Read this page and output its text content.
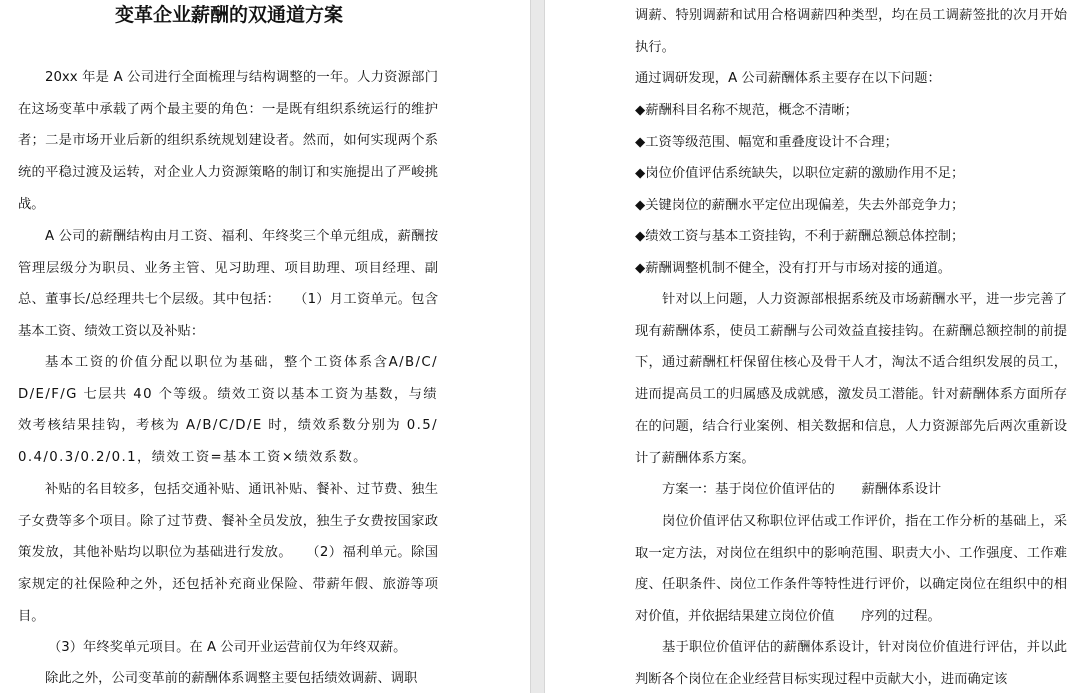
变革企业薪酬的双通道方案
20xx 年是 A 公司进行全面梳理与结构调整的一年。人力资源部门在这场变革中承载了两个最主要的角色：一是既有组织系统运行的维护者；二是市场开业后新的组织系统规划建设者。然而，如何实现两个系统的平稳过渡及运转，对企业人力资源策略的制订和实施提出了严峻挑战。
A 公司的薪酬结构由月工资、福利、年终奖三个单元组成，薪酬按管理层级分为职员、业务主管、见习助理、项目助理、项目经理、副总、董事长/总经理共七个层级。其中包括：　　（1）月工资单元。包含基本工资、绩效工资以及补贴：
基本工资的价值分配以职位为基础，整个工资体系含A/B/C/D/E/F/G 七层共 40 个等级。绩效工资以基本工资为基数，与绩效考核结果挂钩，考核为 A/B/C/D/E 时，绩效系数分别为 0.5/0.4/0.3/0.2/0.1，绩效工资=基本工资×绩效系数。
补贴的名目较多，包括交通补贴、通讯补贴、餐补、过节费、独生子女费等多个项目。除了过节费、餐补全员发放，独生子女费按国家政策发放，其他补贴均以职位为基础进行发放。　　（2）福利单元。除国家规定的社保险种之外，还包括补充商业保险、带薪年假、旅游等项目。
（3）年终奖单元项目。在 A 公司开业运营前仅为年终双薪。
除此之外，公司变革前的薪酬体系调整主要包括绩效调薪、调职
调薪、特别调薪和试用合格调薪四种类型，均在员工调薪签批的次月开始执行。
通过调研发现，A 公司薪酬体系主要存在以下问题：
◆薪酬科目名称不规范，概念不清晰；
◆工资等级范围、幅宽和重叠度设计不合理；
◆岗位价值评估系统缺失，以职位定薪的激励作用不足；
◆关键岗位的薪酬水平定位出现偏差，失去外部竞争力；
◆绩效工资与基本工资挂钩，不利于薪酬总额总体控制；
◆薪酬调整机制不健全，没有打开与市场对接的通道。
针对以上问题，人力资源部根据系统及市场薪酬水平，进一步完善了现有薪酬体系，使员工薪酬与公司效益直接挂钩。在薪酬总额控制的前提下，通过薪酬杠杆保留住核心及骨干人才，淘汰不适合组织发展的员工，进而提高员工的归属感及成就感，激发员工潜能。针对薪酬体系方面所存在的问题，结合行业案例、相关数据和信息，人力资源部先后两次重新设计了薪酬体系方案。
方案一：基于岗位价值评估的　　薪酬体系设计
岗位价值评估又称职位评估或工作评价，指在工作分析的基础上，采取一定方法，对岗位在组织中的影响范围、职责大小、工作强度、工作难度、任职条件、岗位工作条件等特性进行评价，以确定岗位在组织中的相对价值，并依据结果建立岗位价值　　序列的过程。
基于职位价值评估的薪酬体系设计，针对岗位价值进行评估，并以此判断各个岗位在企业经营目标实现过程中贡献大小，进而确定该
